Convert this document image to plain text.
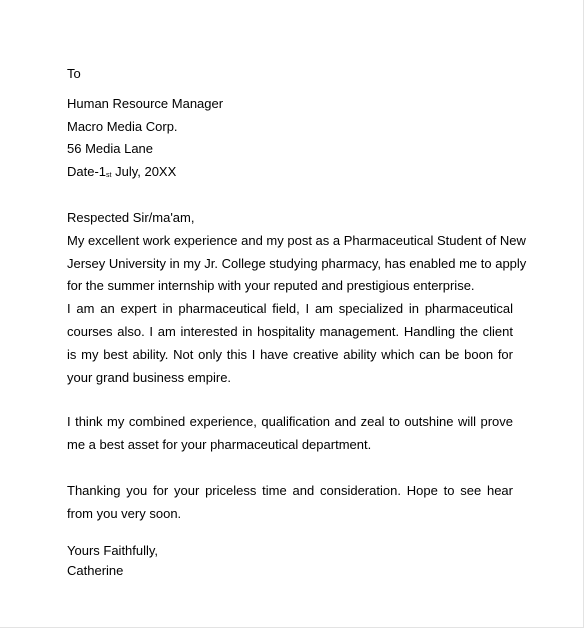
To
Human Resource Manager
Macro Media Corp.
56 Media Lane
Date-1st July, 20XX
Respected Sir/ma'am,
My excellent work experience and my post as a Pharmaceutical Student of New
Jersey University in my Jr. College studying pharmacy, has enabled me to apply
for the summer internship with your reputed and prestigious enterprise.

I am an expert in pharmaceutical field, I am specialized in pharmaceutical courses also. I am interested in hospitality management. Handling the client is my best ability. Not only this I have creative ability which can be boon for your grand business empire.

I think my combined experience, qualification and zeal to outshine will prove me a best asset for your pharmaceutical department.

Thanking you for your priceless time and consideration. Hope to see hear from you very soon.

Yours Faithfully,
Catherine
